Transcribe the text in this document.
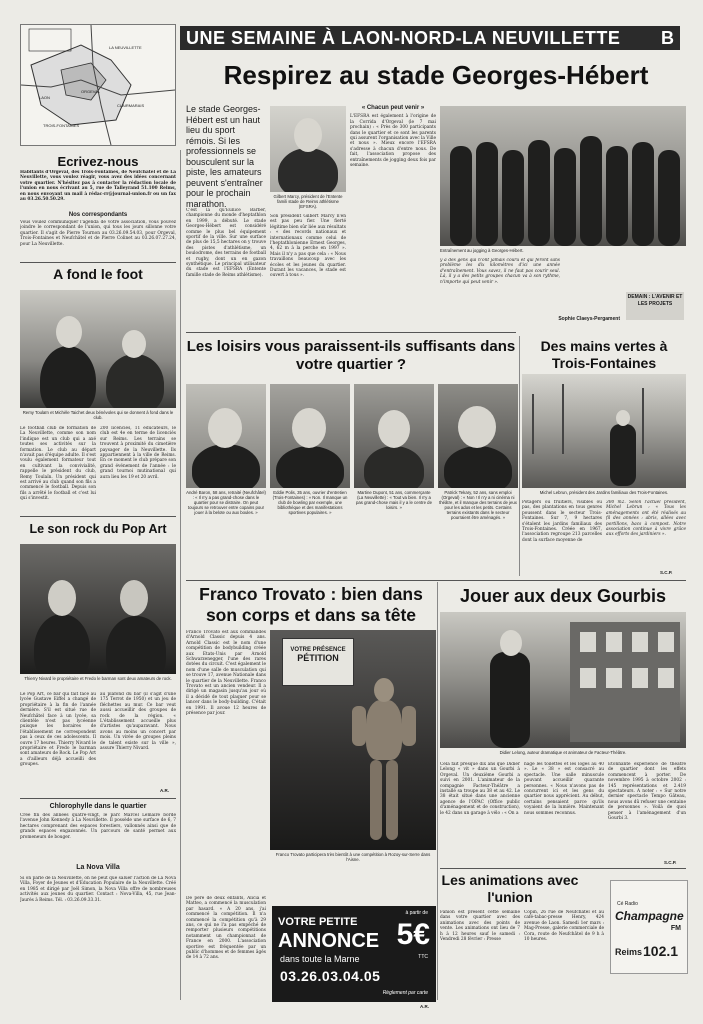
LA NEUVILLETTE
ORGEVAL
CLAIRMARAIS
LAON
TROIS-FONTAINES
UNE SEMAINE À LAON-NORD-LA NEUVILLETTE B
Ecrivez-nous
Habitants d'Orgeval, des Trois-Fontaines, de Neufchâtel et de La Neuvillette, vous voulez réagir, vous avez des idées concernant votre quartier. N'hésitez pas à contacter la rédaction locale de l'union en nous écrivant au 5, rue de Talleyrand 51.100 Reims, en nous envoyant un mail à rédac-rr@journal-union.fr ou un fax au 03.26.50.50.29.
Nos correspondants
Vous voulez communiquer l'agenda de votre association, vous pouvez joindre le correspondant de l'union, qui tous les jours sillonne votre quartier. Il s'agit de Pierre Tournon au 03.26.09.54.03, pour Orgeval, Trois-Fontaines et Neufchâtel et de Pierre Colinet au 03.26.07.27.24, pour La Neuvillette.
A fond le foot
Remy Toulaïn et Michèle Taichet deux bénévoles qui se donnent à fond dans le club.
Le football club de formation de La Neuvillette, comme son nom l'indique est un club qui a axé toutes ses activités sur la formation. Le club au départ n'avait pas d'équipe adulte. Il s'est voulu également formateur tout en cultivant la convivialité, rappelle le président du club, Remy Toulaïn. Un président qui est arrivé au club quand son fils a commencé le football. Depuis son fils a arrêté le football et c'est lui qui s'investit.
200 licenciés, 11 éducateurs, le club est 4e en terme de licenciés sur Reims. Les terrains se trouvent à proximité du cimetière paysager de la Neuvillette. Ils appartiennent à la ville de Reims. En ce moment le club prépare son grand événement de l'année : le grand tournoi mutinational qui aura lieu les 19 et 20 avril.
Le son rock du Pop Art
Thierry Nivard le propriétaire et Fredo le barman sont deux amateurs de rock.
Le Pop Art, ce bar qui fait face au lycée Gustave Eiffel a changé de propriétaire à la fin de l'année dernière. S'il est situé rue de Neufchâtel face à un lycée, sa clientèle n'est pas lycéenne puisque les horaires de l'établissement ne correspondent pas à ceux de ces adolescents. Il ouvre 17 heures. Thierry Nivard le propriétaire et Fredo le barman sont amateurs de Rock. Le Pop Art a d'ailleurs déjà accueilli des groupes.
au plafond du bar (il s'agit d'une 175 Terrot de 1950) et un jeu de fléchettes au mur. Ce bar veut aussi accueillir des groupes de rock de la région. « L'établissement accueille plus d'artistes qu'auparavant. Nous avons au moins un concert par mois. Un virée de groupes pleins de talent existe sur la ville », assure Thierry Nivard.
A.R.
Chlorophylle dans le quartier
Créé fin des années quatre-vingt, le parc Marcel Lemaire borde l'avenue John Kennedy à La Neuvillette. Il possède une surface de 6, 7 hectares comprenant des espaces forestiers, vallonnés ainsi que de grands espaces engazonnés. Un parcours de santé permet aux promeneurs de bouger.
La Nova Villa
Si on parle de la Neuvillette, on ne peut que saluer l'action de La Nova Villa, Foyer de Jeunes et d'Education Populaire de la Neuvillette. Créé en 1985 et dirigé par Joël Simon, la Nova Villa offre de nombreuses activités aux jeunes du quartier. Contact : Nova-Villa, 45, rue Jean-Jaurès à Reims. Tél. : 03.26.09.33.31.
Respirez au stade Georges-Hébert
Le stade Georges-Hébert est un haut lieu du sport rémois. Si les professionnels se bousculent sur la piste, les amateurs peuvent s'entraîner pour le prochain marathon.
Gilbert Marcy, président de l'Entente famili stade de Reims athlétisme (EFSRA).
C'est là qu'Eunice Barber, championne du monde d'heptathlon en 1999, a débuté. Le stade Georges-Hébert est considéré comme le plus bel équipement sportif de la ville. Sur une surface de plus de 15,5 hectares on y trouve des pistes d'athlétisme, un boulodrome, des terrains de football et rugby, dont un en gazon synthétique. Le principal utilisateur du stade est l'EFSRA (Entente famille stade de Reims athlétisme).
Son président Gilbert Marcy n'en est pas peu fier. Une fierté légitime bien sûr liée aux résultats : « des records nationaux et internationaux comme celui de l'heptathlonienne Ernest Georges, 4, 62 m à la perche en 1997 ». Mais il n'y a pas que cela : « Nous travaillons beaucoup avec les écoles et les jeunes du quartier. Durant les vacances, le stade est ouvert à tous ».
« Chacun peut venir »
L'EFSRA est également à l'origine de la Corrida d'Orgeval (le 7 mai prochain) : « Près de 300 participants dans le quartier et ce sont les parents qui assurent l'organisation avec la Ville et nous ». Mieux encore l'EFSRA s'adresse à chacun d'entre nous. De fait, l'association propose des entraînements de jogging deux fois par semaine.
Entraînement au jogging à Georges-Hébert.
y a des gens qui n'ont jamais couru et qui feront sans problème les dix kilomètres d'ici une année d'entraînement. Vous savez, il ne faut pas courir seul. Là, il y a des petits groupes chacun va à son rythme, n'importe qui peut venir ».
Sophie Claeys-Pergament
DEMAIN : L'AVENIR ET LES PROJETS
Les loisirs vous paraissent-ils suffisants dans votre quartier ?
André Baron, 58 ans, retraité (Neufchâtel) : « Il n'y a pas grand-chose dans le quartier pour se distraire. On peut toujours se retrouver entre copains pour jouer à la belote ou aux boules. »
Eddie Polis, 35 ans, ouvrier d'entretien (Trois-Fontaines) : « Non. Il manque un club de bowling par exemple, une bibliothèque et des manifestations sportives populaires. »
Martine Dupont, 51 ans, commerçante (La Neuvillette) : « Tout va bien. Il n'y a pas grand-chose mais il y a le centre de loisirs. »
Patrick Tekary, 52 ans, sans emploi (Orgeval) : « Non ! Il n'y a ni cinéma ni théâtre, et il manque des terrains de jeux pour les ados et les petits. Certains terrains existants dans le secteur pourraient être aménagés. »
Des mains vertes à Trois-Fontaines
Michel Lebrun, président des Jardins familiaux des Trois-Fontaines.
Potagers ou fruitiers, visibles ou pas, des plantations en tous genres poussent dans le secteur Trois-Fontaines. Sur 7, 9 hectares s'étalent les jardins familiaux des Trois-Fontaines. Créée en 1967, l'association regroupe 213 parcelles dont la surface moyenne de
300 m2. Selon l'actuel président, Michel Lebrun : « Tous les aménagements ont été réalisés au fil des années : abris, allées avec portillons, bacs à compost. Notre association continue à vivre grâce aux efforts des jardiniers ».
S.C.P.
Franco Trovato : bien dans son corps et dans sa tête
Franco Trovato est aux commandes d'Arnold Classic depuis 4 ans. Arnold Classic est le nom d'une compétition de bodybuilding créée aux Etats-Unis par Arnold Schwarzenegger, l'une des rares dotées du circuit. C'est également le nom d'une salle de musculation qui se trouve 17, avenue Nationale dans le quartier de la Neuvillette. Franco Trovato est un ancien vendeur. Il a dirigé un magasin jusqu'au jour où il a décidé de tout plaquer pour se lancer dans le body-building. C'était en 1991. Il avoue 12 heures de présence par jour.
VOTRE PRÉSENCE
PÉTITION
Franco Trovato participera très bientôt à une compétition à Rozoy-sur-Serre dans l'Aisne.
De père de deux enfants, Alicia et Matteo, a commencé la musculation par hasard. « A 20 ans, j'ai commencé la compétition. Il n'a commencé la compétition qu'à 29 ans, ce qui ne l'a pas empêché de remporter plusieurs compétitions notamment un championnat de France en 2000. L'association sportive est fréquentée par un public d'hommes et de femmes âgés de 14 à 72 ans.
A.R.
à partir de
VOTRE PETITE
ANNONCE
dans toute la Marne
5€
TTC
03.26.03.04.05
Règlement par carte
Jouer aux deux Gourbis
Didier Lelong, auteur dramatique et animateur de Facteur-Théâtre.
Cela fait presque dix ans que Didier Lelong « vit » dans un Gourbi à Orgeval. Un deuxième Gourbi a suivi en 2001. L'animateur de la compagnie Facteur-Théâtre a installé sa troupe au 38 et au 42. Le 38 était situé dans une ancienne agence de l'OPAC (Office public d'aménagement et de construction), le 42 dans un garage à vélo : « On a
nagé les toilettes et les loges au 40 ». Le « 38 » est consacré au spectacle. Une salle minuscule pouvant accueillir quarante personnes. « Nous n'avons pas de concurrent ici et les gens du quartier nous apprécient. Au début, certains pensaient parce qu'ils voyaient de la lumière. Maintenant nous sommes reconnus.
Étonnante expérience de théâtre de quartier dont les effets commencent à porter. De novembre 1995 à octobre 2002 : 145 représentations et 2.419 spectateurs. A noter : « Sur notre dernier spectacle Tempo Gâteau, nous avons dû refuser une centaine de personnes ». Voilà de quoi penser à l'aménagement d'un Gourbi 3.
S.C.P.
Les animations avec l'union
Fanion est présent cette semaine dans votre quartier avec des animations avec des points de vente. Les animations ont lieu de 7 h à 12 heures sauf le samedi : Vendredi 28 février : Presse
Copin, 26 rue de Neufchâtel et au café-tabac-presse Henry, 424 avenue de Laon. Samedi 1er mars : Mag-Presse, galerie commerciale de Cora, route de Neufchâtel de 9 h à 10 heures.
Cé Radio
Champagne
FM
Reims 102.1
